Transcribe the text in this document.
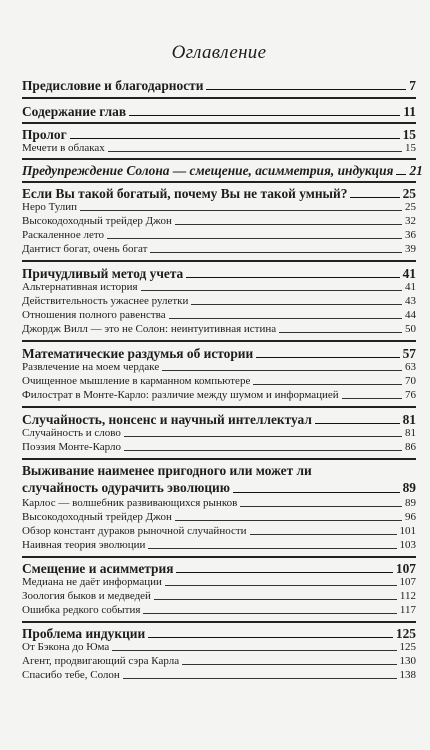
Оглавление
Предисловие и благодарности	7
Содержание глав	11
Пролог	15
Мечети в облаках	15
Предупреждение Солона — смещение, асимметрия, индукция 21
Если Вы такой богатый, почему Вы не такой умный?	25
Неро Тулип	25
Высокодоходный трейдер Джон	32
Раскаленное лето	36
Дантист богат, очень богат	39
Причудливый метод учета	41
Альтернативная история	41
Действительность ужаснее рулетки	43
Отношения полного равенства	44
Джордж Вилл — это не Солон: неинтуитивная истина	50
Математические раздумья об истории	57
Развлечение на моем чердаке	63
Очищенное мышление в карманном компьютере	70
Филострат в Монте-Карло: различие между шумом и информацией	76
Случайность, нонсенс и научный интеллектуал	81
Случайность и слово	81
Поэзия Монте-Карло	86
Выживание наименее пригодного или может ли
случайность одурачить эволюцию	89
Карлос — волшебник развивающихся рынков	89
Высокодоходный трейдер Джон	96
Обзор констант дураков рыночной случайности	101
Наивная теория эволюции	103
Смещение и асимметрия	107
Медиана не даёт информации	107
Зоология быков и медведей	112
Ошибка редкого события	117
Проблема индукции	125
От Бэкона до Юма	125
Агент, продвигающий сэра Карла	130
Спасибо тебе, Солон	138
